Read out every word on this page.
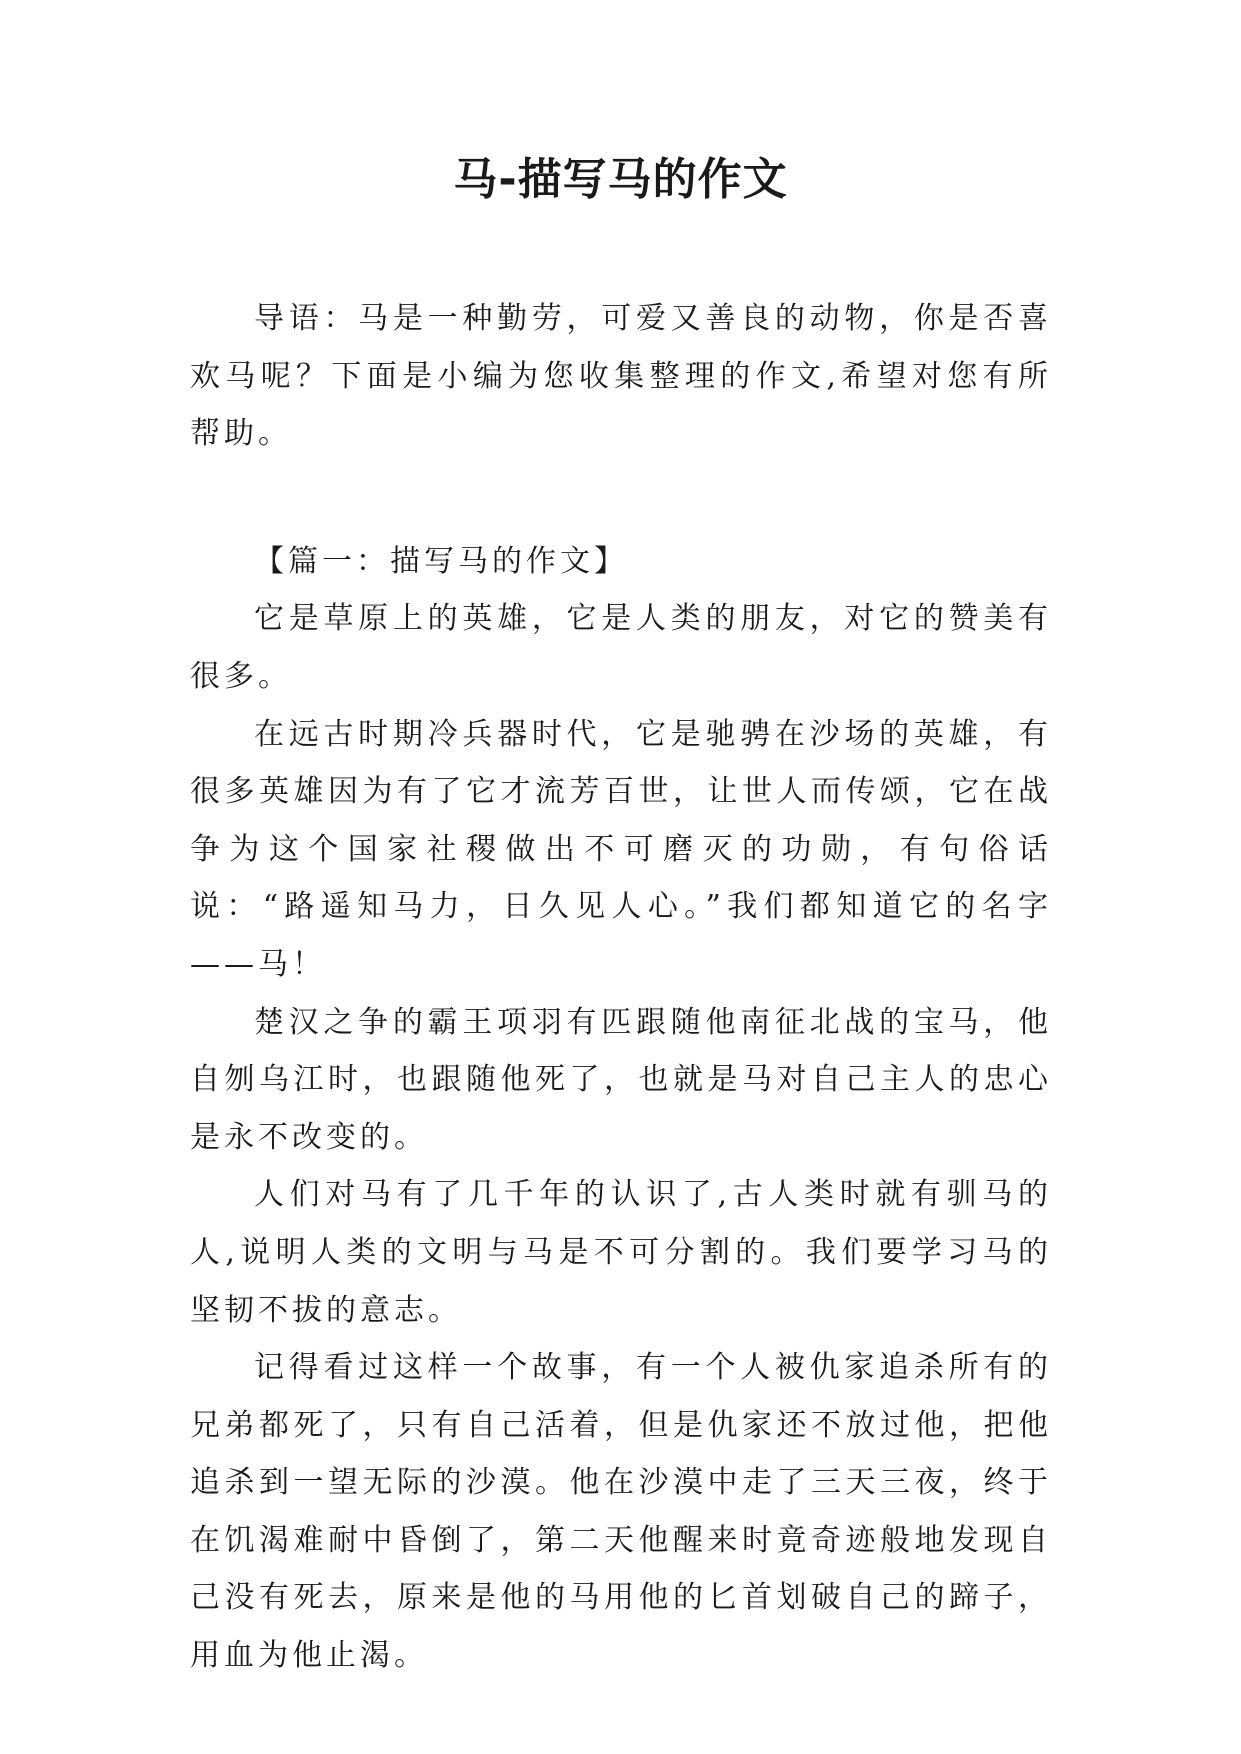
马-描写马的作文

导语：马是一种勤劳，可爱又善良的动物，你是否喜欢马呢？下面是小编为您收集整理的作文,希望对您有所帮助。

【篇一：描写马的作文】

它是草原上的英雄，它是人类的朋友，对它的赞美有很多。

在远古时期冷兵器时代，它是驰骋在沙场的英雄，有很多英雄因为有了它才流芳百世，让世人而传颂，它在战争为这个国家社稷做出不可磨灭的功勋，有句俗话说：“路遥知马力，日久见人心。”我们都知道它的名字——马！

楚汉之争的霸王项羽有匹跟随他南征北战的宝马，他自刎乌江时，也跟随他死了，也就是马对自己主人的忠心是永不改变的。

人们对马有了几千年的认识了,古人类时就有驯马的人,说明人类的文明与马是不可分割的。我们要学习马的坚韧不拔的意志。

记得看过这样一个故事，有一个人被仇家追杀所有的兄弟都死了，只有自己活着，但是仇家还不放过他，把他追杀到一望无际的沙漠。他在沙漠中走了三天三夜，终于在饥渴难耐中昏倒了，第二天他醒来时竟奇迹般地发现自己没有死去，原来是他的马用他的匕首划破自己的蹄子，用血为他止渴。
